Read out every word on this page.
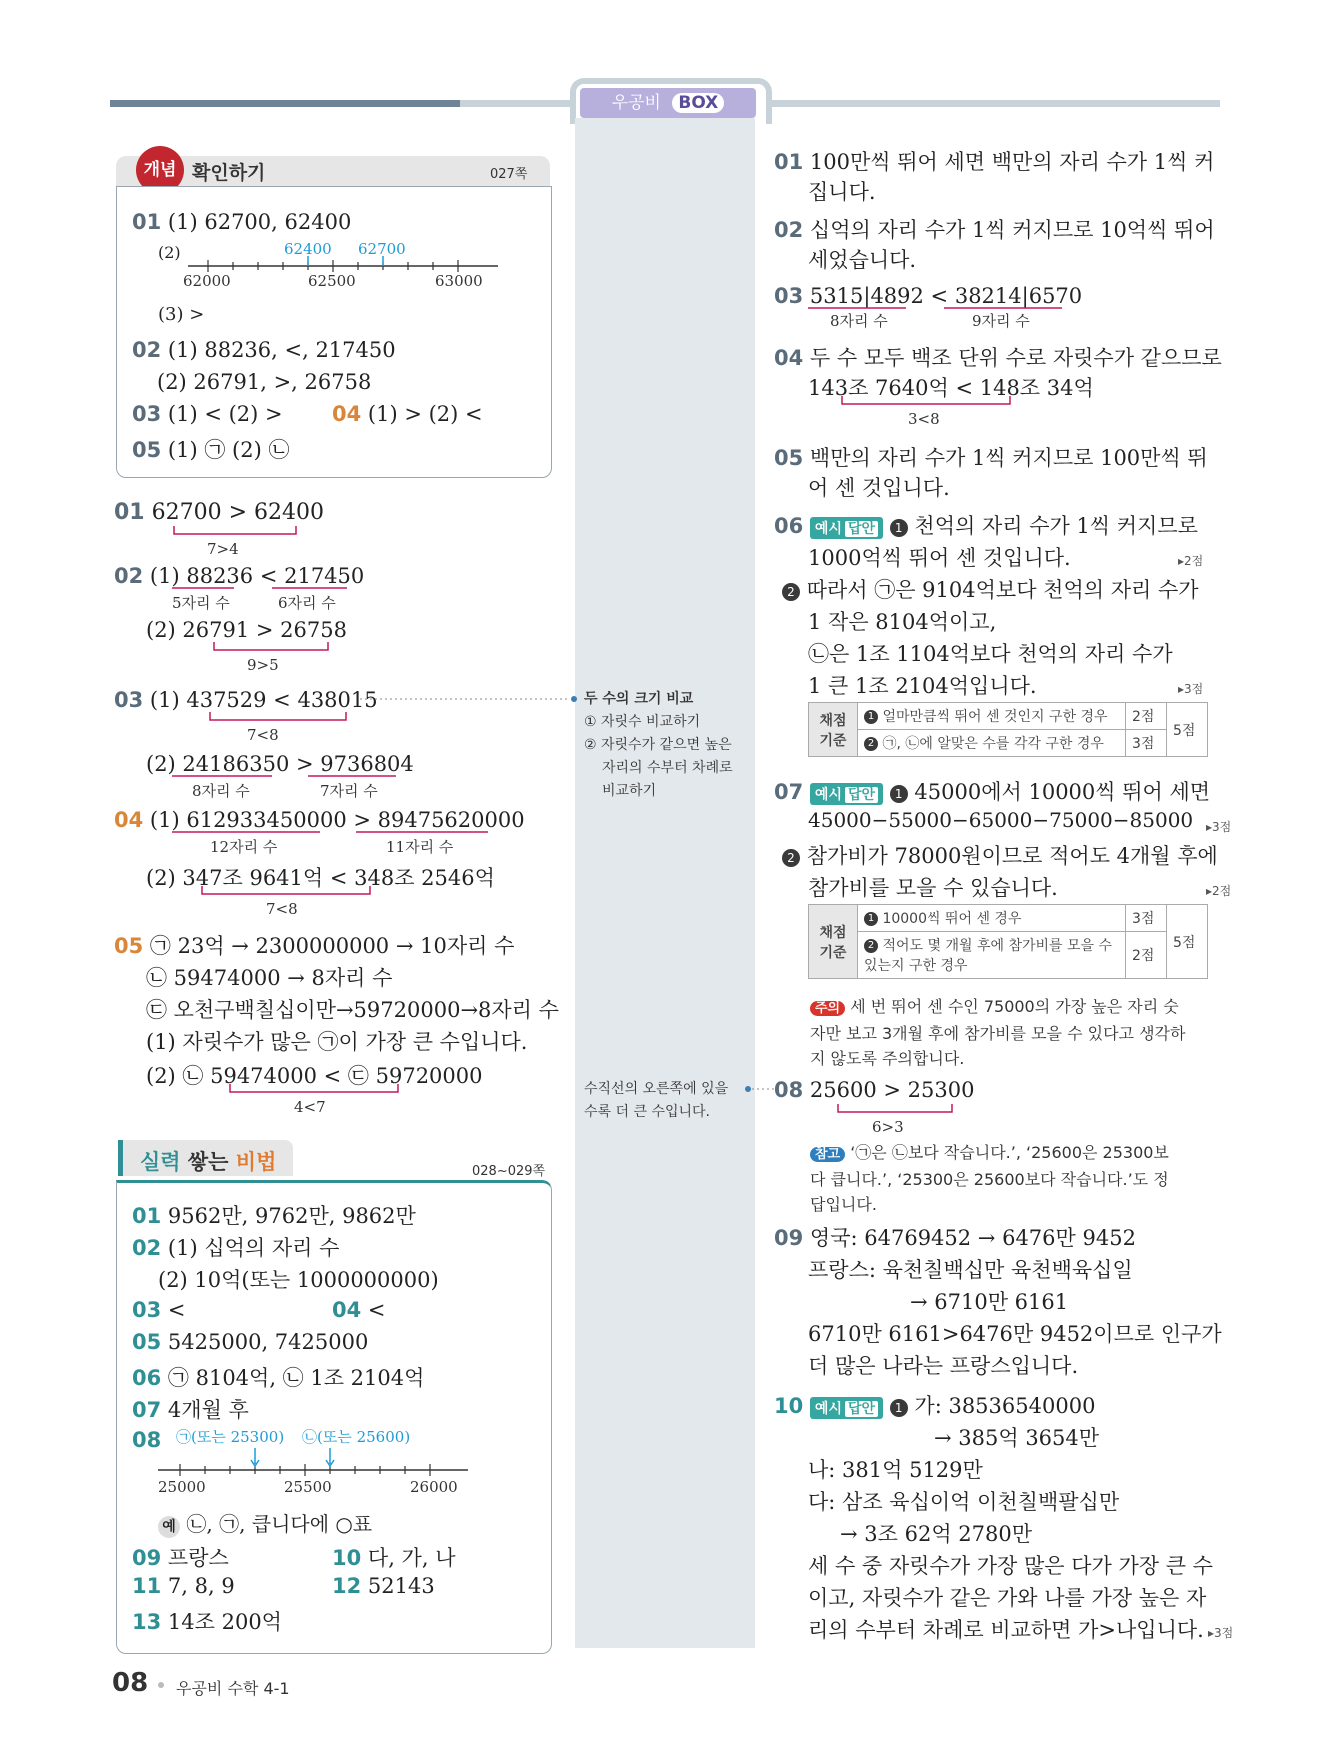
우공비 BOX
개념 확인하기	027쪽
01 (1) 62700, 62400
(2)	62400 62700
62000	62500	63000
(3) >
02 (1) 88236, <, 217450
(2) 26791, >, 26758
03 (1) < (2) > 04 (1) > (2) <
05 (1) ㉠ (2) ㉡
01 62700 > 62400
7>4
02 (1) 88236 < 217450
5자리 수	6자리 수
(2) 26791 > 26758
9>5
03 (1) 437529 < 438015
7<8
(2) 24186350 > 9736804
8자리 수	7자리 수
04 (1) 612933450000 > 89475620000
12자리 수	11자리 수
(2) 347조 9641억 < 348조 2546억
7<8
05 ㉠ 23억 → 2300000000 → 10자리 수
㉡ 59474000 → 8자리 수
㉢ 오천구백칠십이만→59720000→8자리 수
(1) 자릿수가 많은 ㉠이 가장 큰 수입니다.
(2) ㉡ 59474000 < ㉢ 59720000
4<7
실력 쌓는 비법	028~029쪽
01 9562만, 9762만, 9862만
02 (1) 십억의 자리 수
(2) 10억(또는 1000000000)
03 <	04 <
05 5425000, 7425000
06 ㉠ 8104억, ㉡ 1조 2104억
07 4개월 후
08 ㉠(또는 25300) ㉡(또는 25600)
25000	25500	26000
예 ㉡, ㉠, 큽니다에 ○표
09 프랑스	10 다, 가, 나
11 7, 8, 9	12 52143
13 14조 200억
두 수의 크기 비교
① 자릿수 비교하기
② 자릿수가 같으면 높은
자리의 수부터 차례로
비교하기
수직선의 오른쪽에 있을
수록 더 큰 수입니다.
01 100만씩 뛰어 세면 백만의 자리 수가 1씩 커
집니다.
02 십억의 자리 수가 1씩 커지므로 10억씩 뛰어
세었습니다.
03 5315|4892 < 38214|6570
8자리 수	9자리 수
04 두 수 모두 백조 단위 수로 자릿수가 같으므로
143조 7640억 < 148조 34억
3<8
05 백만의 자리 수가 1씩 커지므로 100만씩 뛰
어 센 것입니다.
06 예시 답안 1 천억의 자리 수가 1씩 커지므로
1000억씩 뛰어 센 것입니다.	▸2점
2 따라서 ㉠은 9104억보다 천억의 자리 수가
1 작은 8104억이고,
㉡은 1조 1104억보다 천억의 자리 수가
1 큰 1조 2104억입니다.	▸3점
채점 기준	1 얼마만큼씩 뛰어 센 것인지 구한 경우	2점	5점
	2 ㉠, ㉡에 알맞은 수를 각각 구한 경우	3점	
07 예시 답안 1 45000에서 10000씩 뛰어 세면
45000−55000−65000−75000−85000 ▸3점
2 참가비가 78000원이므로 적어도 4개월 후에
참가비를 모을 수 있습니다.	▸2점
채점 기준	1 10000씩 뛰어 센 경우	3점	5점
	2 적어도 몇 개월 후에 참가비를 모을 수 있는지 구한 경우	2점	
주의 세 번 뛰어 센 수인 75000의 가장 높은 자리 숫
자만 보고 3개월 후에 참가비를 모을 수 있다고 생각하
지 않도록 주의합니다.
08 25600 > 25300
6>3
참고 ‘㉠은 ㉡보다 작습니다.’, ‘25600은 25300보
다 큽니다.’, ‘25300은 25600보다 작습니다.’도 정
답입니다.
09 영국: 64769452 → 6476만 9452
프랑스: 육천칠백십만 육천백육십일
→ 6710만 6161
6710만 6161>6476만 9452이므로 인구가
더 많은 나라는 프랑스입니다.
10 예시 답안 1 가: 38536540000
→ 385억 3654만
나: 381억 5129만
다: 삼조 육십이억 이천칠백팔십만
→ 3조 62억 2780만
세 수 중 자릿수가 가장 많은 다가 가장 큰 수
이고, 자릿수가 같은 가와 나를 가장 높은 자
리의 수부터 차례로 비교하면 가>나입니다. ▸3점
08 우공비 수학 4-1
